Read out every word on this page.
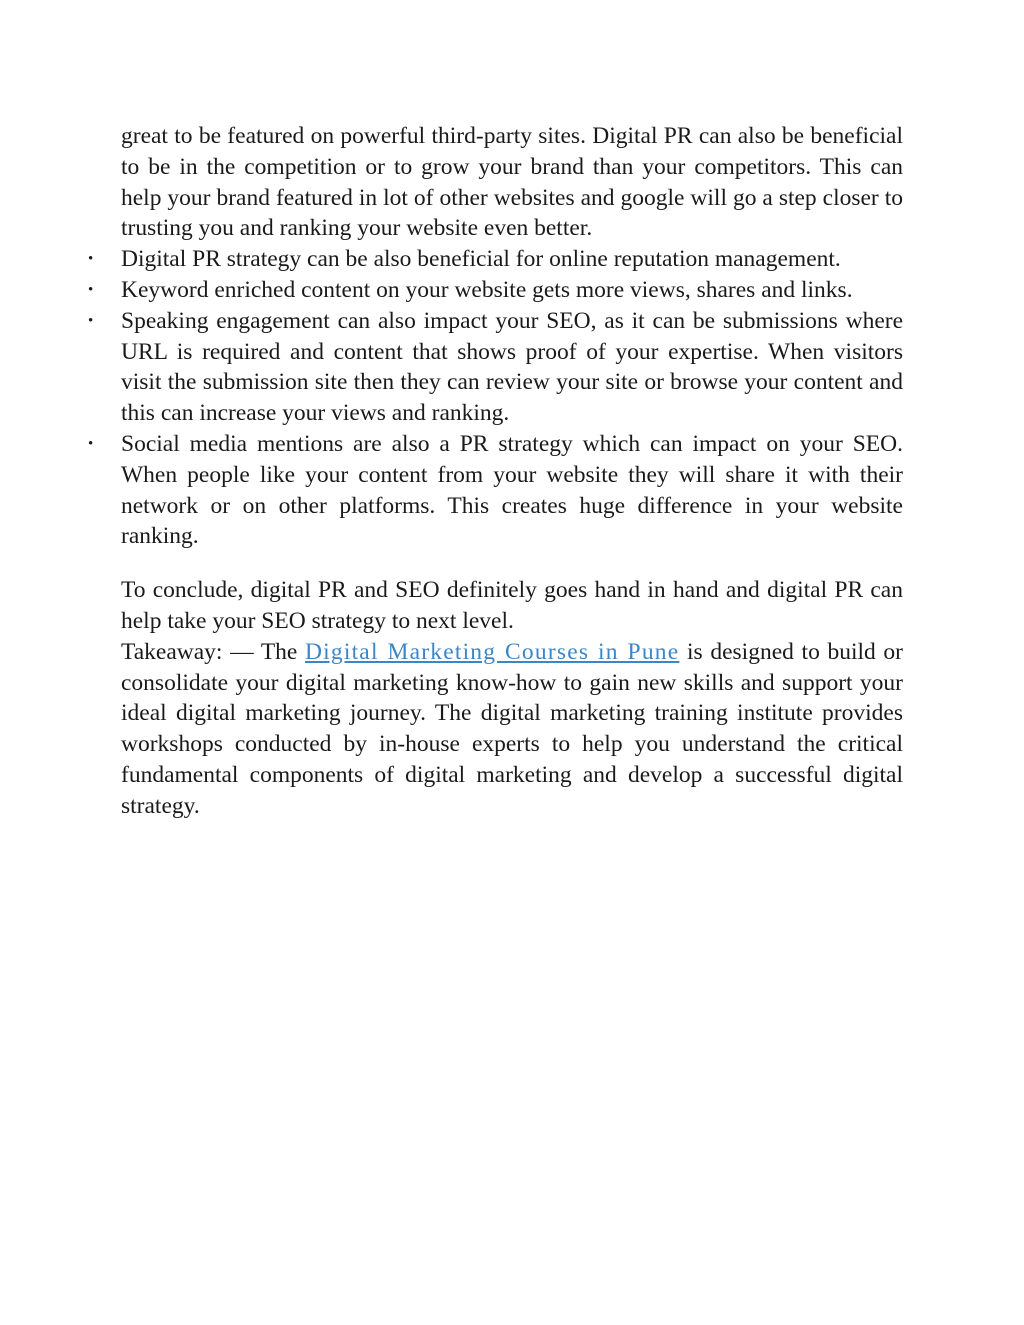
great to be featured on powerful third-party sites. Digital PR can also be beneficial to be in the competition or to grow your brand than your competitors. This can help your brand featured in lot of other websites and google will go a step closer to trusting you and ranking your website even better.

• Digital PR strategy can be also beneficial for online reputation management.
• Keyword enriched content on your website gets more views, shares and links.
• Speaking engagement can also impact your SEO, as it can be submissions where URL is required and content that shows proof of your expertise. When visitors visit the submission site then they can review your site or browse your content and this can increase your views and ranking.
• Social media mentions are also a PR strategy which can impact on your SEO. When people like your content from your website they will share it with their network or on other platforms. This creates huge difference in your website ranking.

To conclude, digital PR and SEO definitely goes hand in hand and digital PR can help take your SEO strategy to next level.

Takeaway: — The Digital Marketing Courses in Pune is designed to build or consolidate your digital marketing know-how to gain new skills and support your ideal digital marketing journey. The digital marketing training institute provides workshops conducted by in-house experts to help you understand the critical fundamental components of digital marketing and develop a successful digital strategy.
